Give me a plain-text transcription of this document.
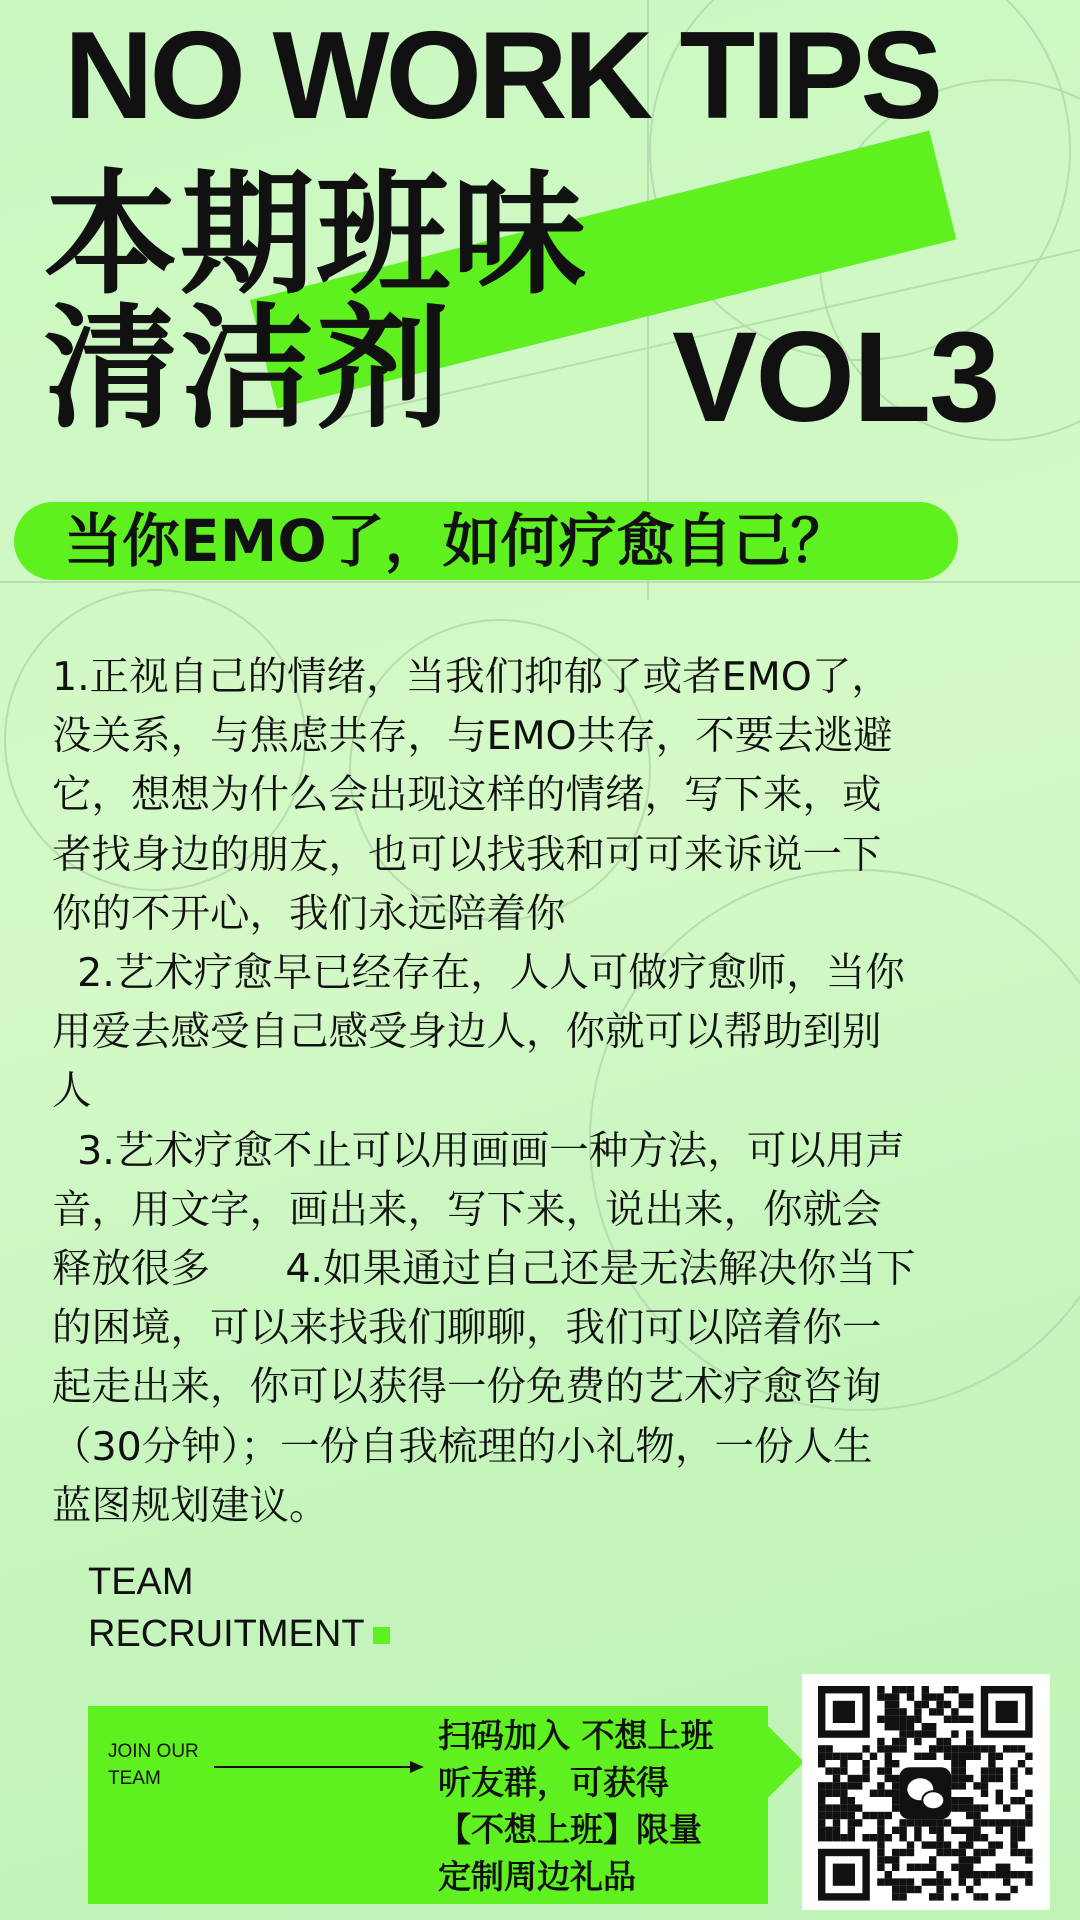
NO WORK TIPS
本期班味
清洁剂 VOL3
当你EMO了，如何疗愈自己？
1.正视自己的情绪，当我们抑郁了或者EMO了，
没关系，与焦虑共存，与EMO共存，不要去逃避
它，想想为什么会出现这样的情绪，写下来，或
者找身边的朋友，也可以找我和可可来诉说一下
你的不开心，我们永远陪着你
2.艺术疗愈早已经存在，人人可做疗愈师，当你
用爱去感受自己感受身边人，你就可以帮助到别
人
3.艺术疗愈不止可以用画画一种方法，可以用声
音，用文字，画出来，写下来，说出来，你就会
释放很多      4.如果通过自己还是无法解决你当下
的困境，可以来找我们聊聊，我们可以陪着你一
起走出来，你可以获得一份免费的艺术疗愈咨询
（30分钟）；一份自我梳理的小礼物，一份人生
蓝图规划建议。
TEAM
RECRUITMENT
JOIN OUR
TEAM
扫码加入 不想上班
听友群，可获得
【不想上班】限量
定制周边礼品
